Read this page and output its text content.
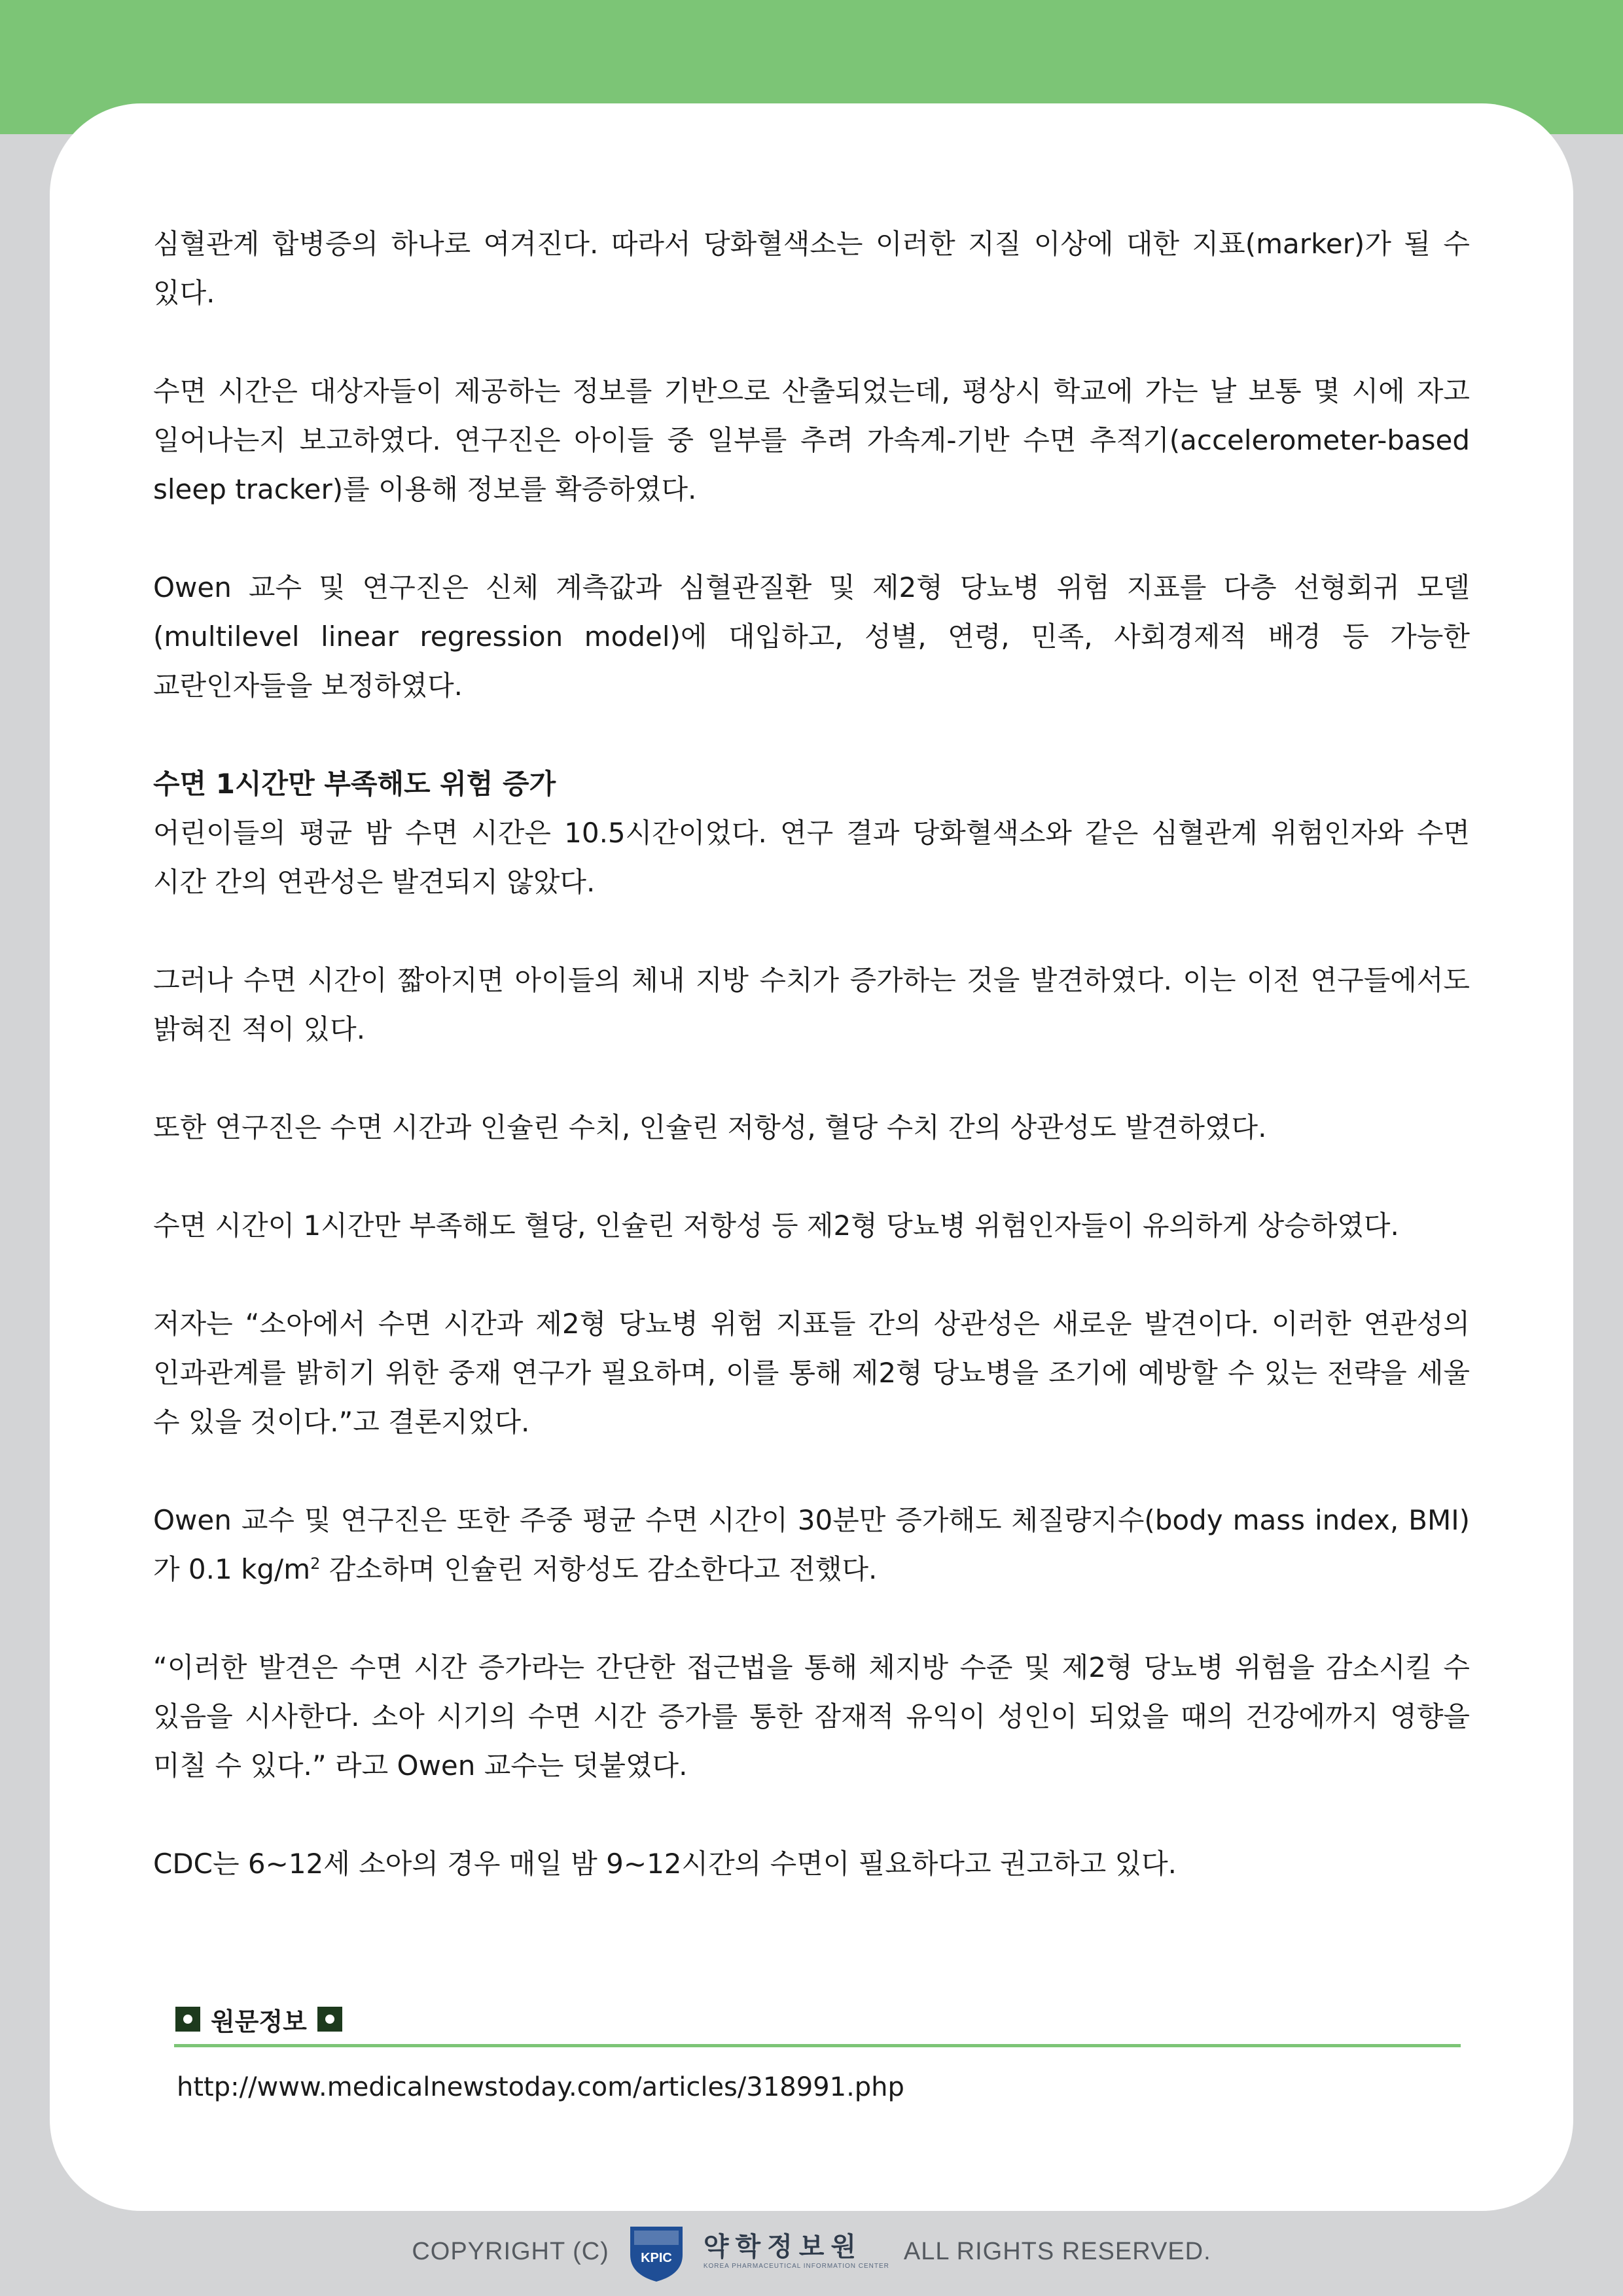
심혈관계 합병증의 하나로 여겨진다. 따라서 당화혈색소는 이러한 지질 이상에 대한 지표(marker)가 될 수 있다.

수면 시간은 대상자들이 제공하는 정보를 기반으로 산출되었는데, 평상시 학교에 가는 날 보통 몇 시에 자고 일어나는지 보고하였다. 연구진은 아이들 중 일부를 추려 가속계-기반 수면 추적기(accelerometer-based sleep tracker)를 이용해 정보를 확증하였다.

Owen 교수 및 연구진은 신체 계측값과 심혈관질환 및 제2형 당뇨병 위험 지표를 다층 선형회귀 모델(multilevel linear regression model)에 대입하고, 성별, 연령, 민족, 사회경제적 배경 등 가능한 교란인자들을 보정하였다.

수면 1시간만 부족해도 위험 증가

어린이들의 평균 밤 수면 시간은 10.5시간이었다. 연구 결과 당화혈색소와 같은 심혈관계 위험인자와 수면 시간 간의 연관성은 발견되지 않았다.

그러나 수면 시간이 짧아지면 아이들의 체내 지방 수치가 증가하는 것을 발견하였다. 이는 이전 연구들에서도 밝혀진 적이 있다.

또한 연구진은 수면 시간과 인슐린 수치, 인슐린 저항성, 혈당 수치 간의 상관성도 발견하였다.

수면 시간이 1시간만 부족해도 혈당, 인슐린 저항성 등 제2형 당뇨병 위험인자들이 유의하게 상승하였다.

저자는 “소아에서 수면 시간과 제2형 당뇨병 위험 지표들 간의 상관성은 새로운 발견이다. 이러한 연관성의 인과관계를 밝히기 위한 중재 연구가 필요하며, 이를 통해 제2형 당뇨병을 조기에 예방할 수 있는 전략을 세울 수 있을 것이다.”고 결론지었다.

Owen 교수 및 연구진은 또한 주중 평균 수면 시간이 30분만 증가해도 체질량지수(body mass index, BMI)가 0.1 $kg/m^2$ 감소하며 인슐린 저항성도 감소한다고 전했다.

“이러한 발견은 수면 시간 증가라는 간단한 접근법을 통해 체지방 수준 및 제2형 당뇨병 위험을 감소시킬 수 있음을 시사한다. 소아 시기의 수면 시간 증가를 통한 잠재적 유익이 성인이 되었을 때의 건강에까지 영향을 미칠 수 있다.” 라고 Owen 교수는 덧붙였다.

CDC는 6~12세 소아의 경우 매일 밤 9~12시간의 수면이 필요하다고 권고하고 있다.

원문정보
http://www.medicalnewstoday.com/articles/318991.php
COPYRIGHT (C) KPIC 약학정보원
KOREA PHARMACEUTICAL INFORMATION CENTER
ALL RIGHTS RESERVED.
